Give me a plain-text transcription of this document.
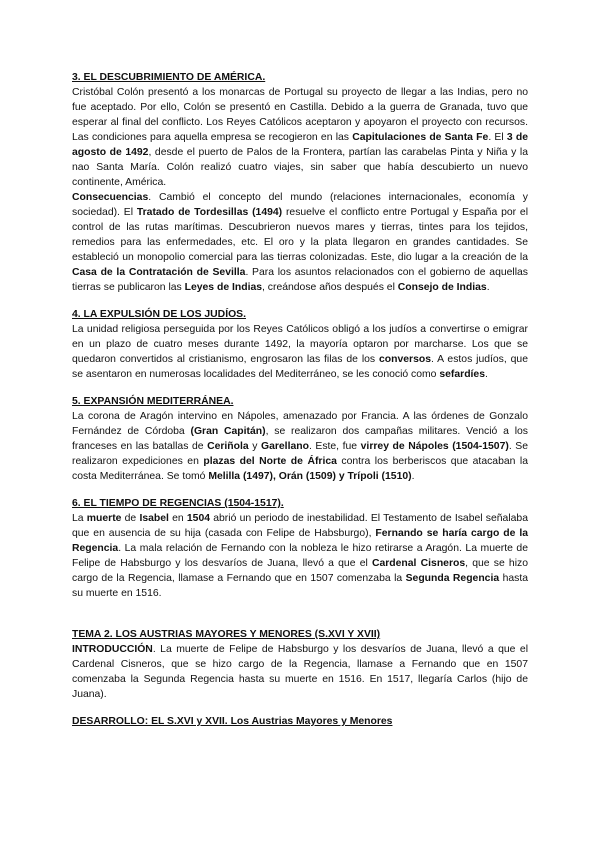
3. EL DESCUBRIMIENTO DE AMÉRICA.

Cristóbal Colón presentó a los monarcas de Portugal su proyecto de llegar a las Indias, pero no fue aceptado. Por ello, Colón se presentó en Castilla. Debido a la guerra de Granada, tuvo que esperar al final del conflicto. Los Reyes Católicos aceptaron y apoyaron el proyecto con recursos. Las condiciones para aquella empresa se recogieron en las Capitulaciones de Santa Fe. El 3 de agosto de 1492, desde el puerto de Palos de la Frontera, partían las carabelas Pinta y Niña y la nao Santa María. Colón realizó cuatro viajes, sin saber que había descubierto un nuevo continente, América.

Consecuencias. Cambió el concepto del mundo (relaciones internacionales, economía y sociedad). El Tratado de Tordesillas (1494) resuelve el conflicto entre Portugal y España por el control de las rutas marítimas. Descubrieron nuevos mares y tierras, tintes para los tejidos, remedios para las enfermedades, etc. El oro y la plata llegaron en grandes cantidades. Se estableció un monopolio comercial para las tierras colonizadas. Este, dio lugar a la creación de la Casa de la Contratación de Sevilla. Para los asuntos relacionados con el gobierno de aquellas tierras se publicaron las Leyes de Indias, creándose años después el Consejo de Indias.

4. LA EXPULSIÓN DE LOS JUDÍOS.

La unidad religiosa perseguida por los Reyes Católicos obligó a los judíos a convertirse o emigrar en un plazo de cuatro meses durante 1492, la mayoría optaron por marcharse. Los que se quedaron convertidos al cristianismo, engrosaron las filas de los conversos. A estos judíos, que se asentaron en numerosas localidades del Mediterráneo, se les conoció como sefardíes.

5. EXPANSIÓN MEDITERRÁNEA.

La corona de Aragón intervino en Nápoles, amenazado por Francia. A las órdenes de Gonzalo Fernández de Córdoba (Gran Capitán), se realizaron dos campañas militares. Venció a los franceses en las batallas de Ceriñola y Garellano. Este, fue virrey de Nápoles (1504-1507). Se realizaron expediciones en plazas del Norte de África contra los berberiscos que atacaban la costa Mediterránea. Se tomó Melilla (1497), Orán (1509) y Trípoli (1510).

6. EL TIEMPO DE REGENCIAS (1504-1517).

La muerte de Isabel en 1504 abrió un periodo de inestabilidad. El Testamento de Isabel señalaba que en ausencia de su hija (casada con Felipe de Habsburgo), Fernando se haría cargo de la Regencia. La mala relación de Fernando con la nobleza le hizo retirarse a Aragón. La muerte de Felipe de Habsburgo y los desvaríos de Juana, llevó a que el Cardenal Cisneros, que se hizo cargo de la Regencia, llamase a Fernando que en 1507 comenzaba la Segunda Regencia hasta su muerte en 1516.

TEMA 2. LOS AUSTRIAS MAYORES Y MENORES (S.XVI Y XVII)

INTRODUCCIÓN. La muerte de Felipe de Habsburgo y los desvaríos de Juana, llevó a que el Cardenal Cisneros, que se hizo cargo de la Regencia, llamase a Fernando que en 1507 comenzaba la Segunda Regencia hasta su muerte en 1516. En 1517, llegaría Carlos (hijo de Juana).

DESARROLLO: EL S.XVI y XVII. Los Austrias Mayores y Menores
